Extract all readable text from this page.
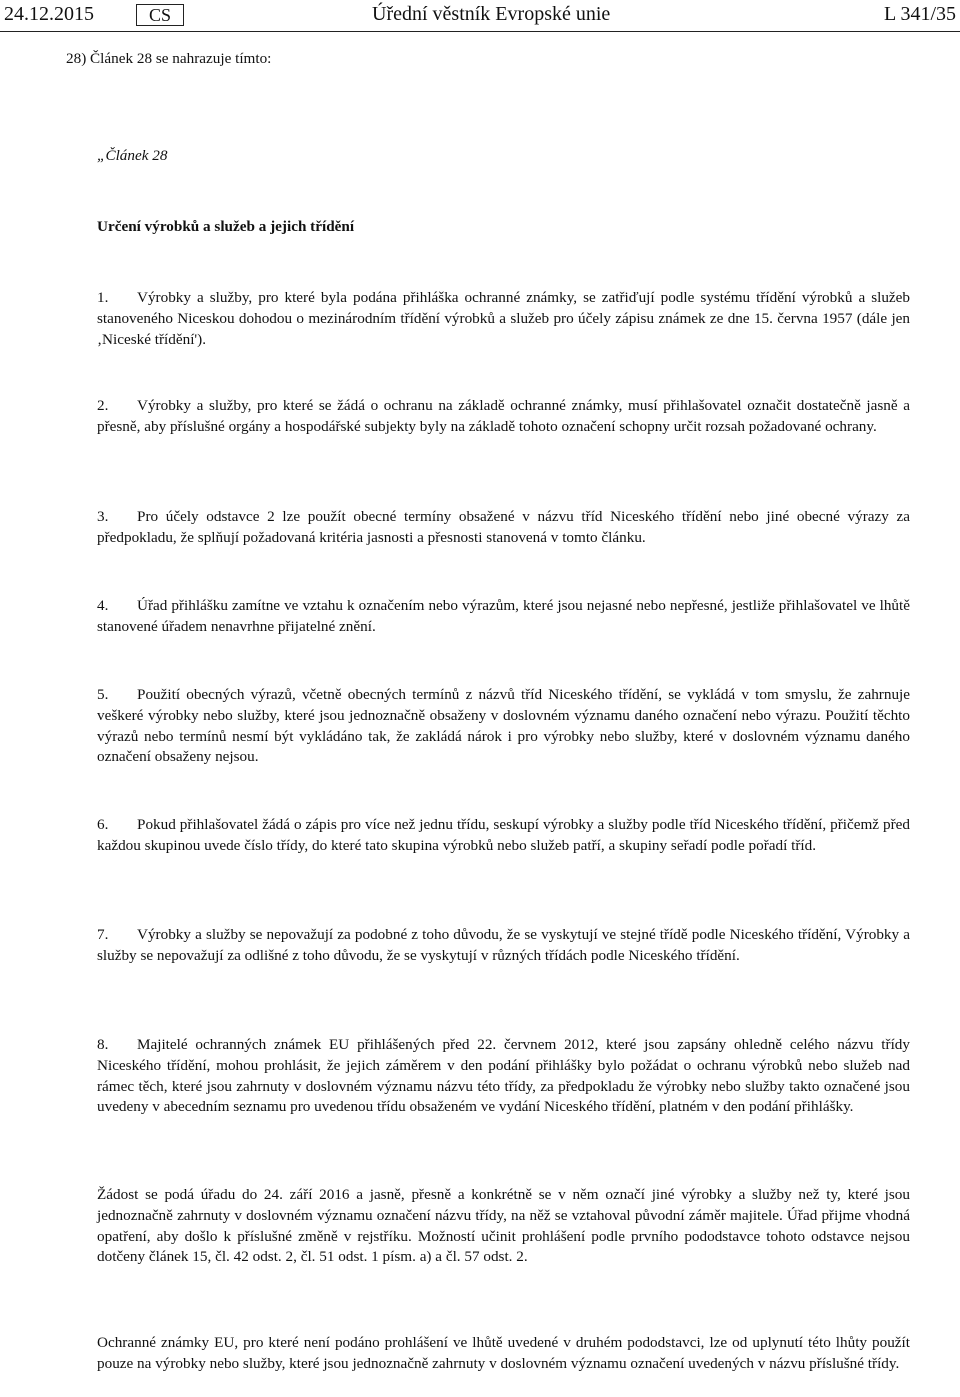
24.12.2015	CS	Úřední věstník Evropské unie	L 341/35
28) Článek 28 se nahrazuje tímto:
„Článek 28
Určení výrobků a služeb a jejich třídění
1. Výrobky a služby, pro které byla podána přihláška ochranné známky, se zatřiďují podle systému třídění výrobků a služeb stanoveného Niceskou dohodou o mezinárodním třídění výrobků a služeb pro účely zápisu známek ze dne 15. června 1957 (dále jen ‚Niceské třídění').
2. Výrobky a služby, pro které se žádá o ochranu na základě ochranné známky, musí přihlašovatel označit dostatečně jasně a přesně, aby příslušné orgány a hospodářské subjekty byly na základě tohoto označení schopny určit rozsah požadované ochrany.
3. Pro účely odstavce 2 lze použít obecné termíny obsažené v názvu tříd Niceského třídění nebo jiné obecné výrazy za předpokladu, že splňují požadovaná kritéria jasnosti a přesnosti stanovená v tomto článku.
4. Úřad přihlášku zamítne ve vztahu k označením nebo výrazům, které jsou nejasné nebo nepřesné, jestliže přihlašovatel ve lhůtě stanovené úřadem nenavrhne přijatelné znění.
5. Použití obecných výrazů, včetně obecných termínů z názvů tříd Niceského třídění, se vykládá v tom smyslu, že zahrnuje veškeré výrobky nebo služby, které jsou jednoznačně obsaženy v doslovném významu daného označení nebo výrazu. Použití těchto výrazů nebo termínů nesmí být vykládáno tak, že zakládá nárok i pro výrobky nebo služby, které v doslovném významu daného označení obsaženy nejsou.
6. Pokud přihlašovatel žádá o zápis pro více než jednu třídu, seskupí výrobky a služby podle tříd Niceského třídění, přičemž před každou skupinou uvede číslo třídy, do které tato skupina výrobků nebo služeb patří, a skupiny seřadí podle pořadí tříd.
7. Výrobky a služby se nepovažují za podobné z toho důvodu, že se vyskytují ve stejné třídě podle Niceského třídění, Výrobky a služby se nepovažují za odlišné z toho důvodu, že se vyskytují v různých třídách podle Niceského třídění.
8. Majitelé ochranných známek EU přihlášených před 22. červnem 2012, které jsou zapsány ohledně celého názvu třídy Niceského třídění, mohou prohlásit, že jejich záměrem v den podání přihlášky bylo požádat o ochranu výrobků nebo služeb nad rámec těch, které jsou zahrnuty v doslovném významu názvu této třídy, za předpokladu že výrobky nebo služby takto označené jsou uvedeny v abecedním seznamu pro uvedenou třídu obsaženém ve vydání Niceského třídění, platném v den podání přihlášky.
Žádost se podá úřadu do 24. září 2016 a jasně, přesně a konkrétně se v něm označí jiné výrobky a služby než ty, které jsou jednoznačně zahrnuty v doslovném významu označení názvu třídy, na něž se vztahoval původní záměr majitele. Úřad přijme vhodná opatření, aby došlo k příslušné změně v rejstříku. Možností učinit prohlášení podle prvního pododstavce tohoto odstavce nejsou dotčeny článek 15, čl. 42 odst. 2, čl. 51 odst. 1 písm. a) a čl. 57 odst. 2.
Ochranné známky EU, pro které není podáno prohlášení ve lhůtě uvedené v druhém pododstavci, lze od uplynutí této lhůty použít pouze na výrobky nebo služby, které jsou jednoznačně zahrnuty v doslovném významu označení uvedených v názvu příslušné třídy.
